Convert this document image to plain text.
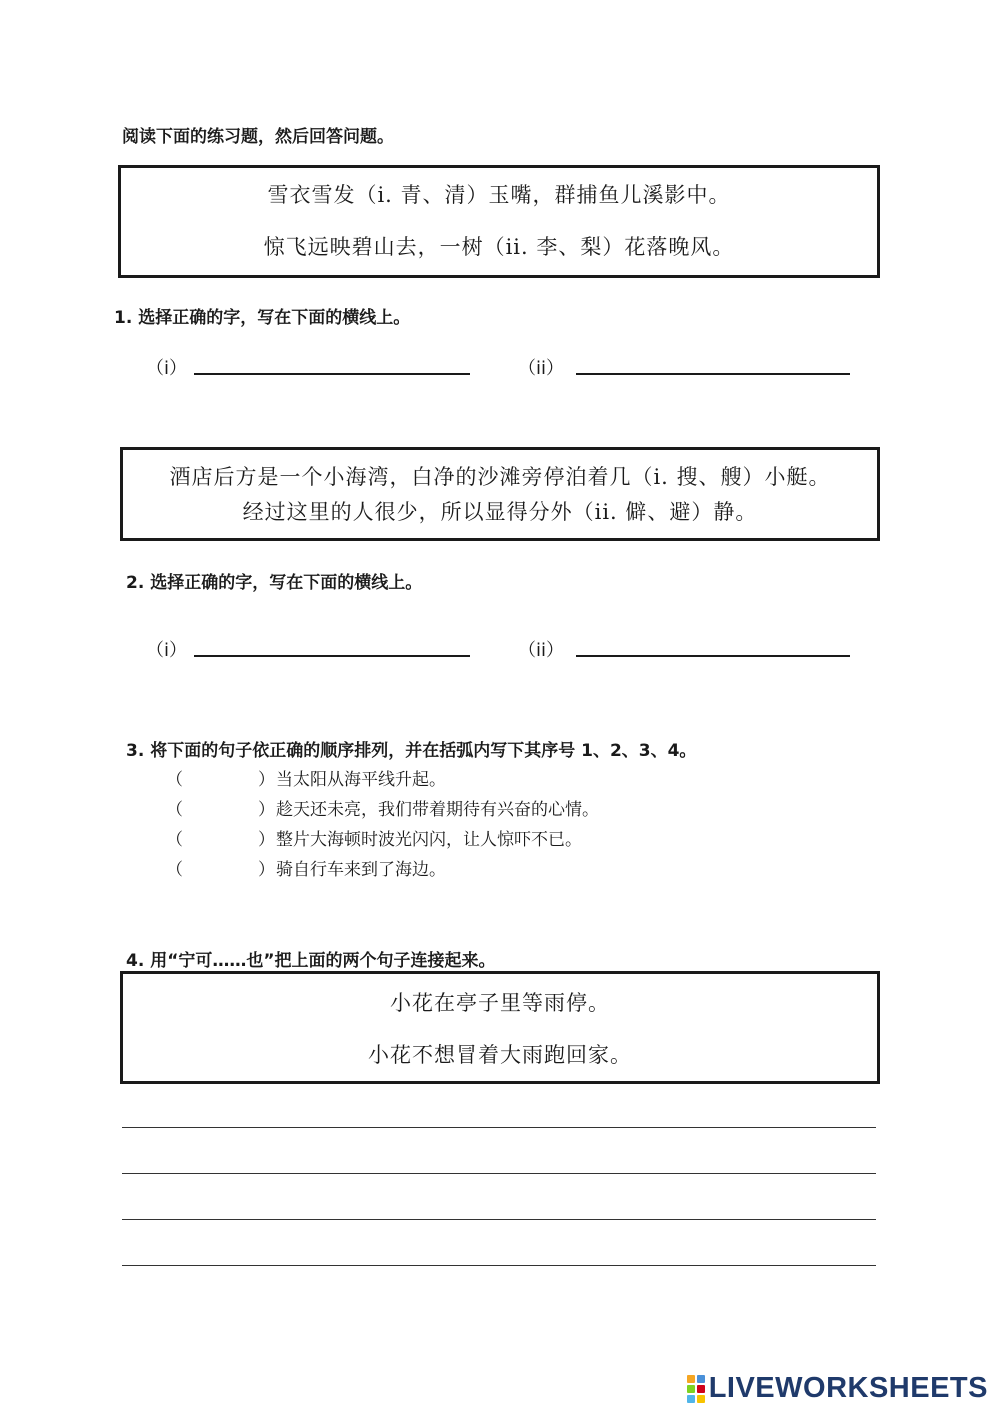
阅读下面的练习题，然后回答问题。
雪衣雪发（i. 青、清）玉嘴，群捕鱼儿溪影中。
惊飞远映碧山去，一树（ii. 李、梨）花落晚风。
1. 选择正确的字，写在下面的横线上。
（i）	（ii）
酒店后方是一个小海湾，白净的沙滩旁停泊着几（i. 搜、艘）小艇。
经过这里的人很少，所以显得分外（ii. 僻、避）静。
2. 选择正确的字，写在下面的横线上。
（i）	（ii）
3. 将下面的句子依正确的顺序排列，并在括弧内写下其序号 1、2、3、4。
（	） 当太阳从海平线升起。
（	） 趁天还未亮，我们带着期待有兴奋的心情。
（	） 整片大海顿时波光闪闪，让人惊吓不已。
（	） 骑自行车来到了海边。
4. 用“宁可……也”把上面的两个句子连接起来。
小花在亭子里等雨停。
小花不想冒着大雨跑回家。
LIVEWORKSHEETS
